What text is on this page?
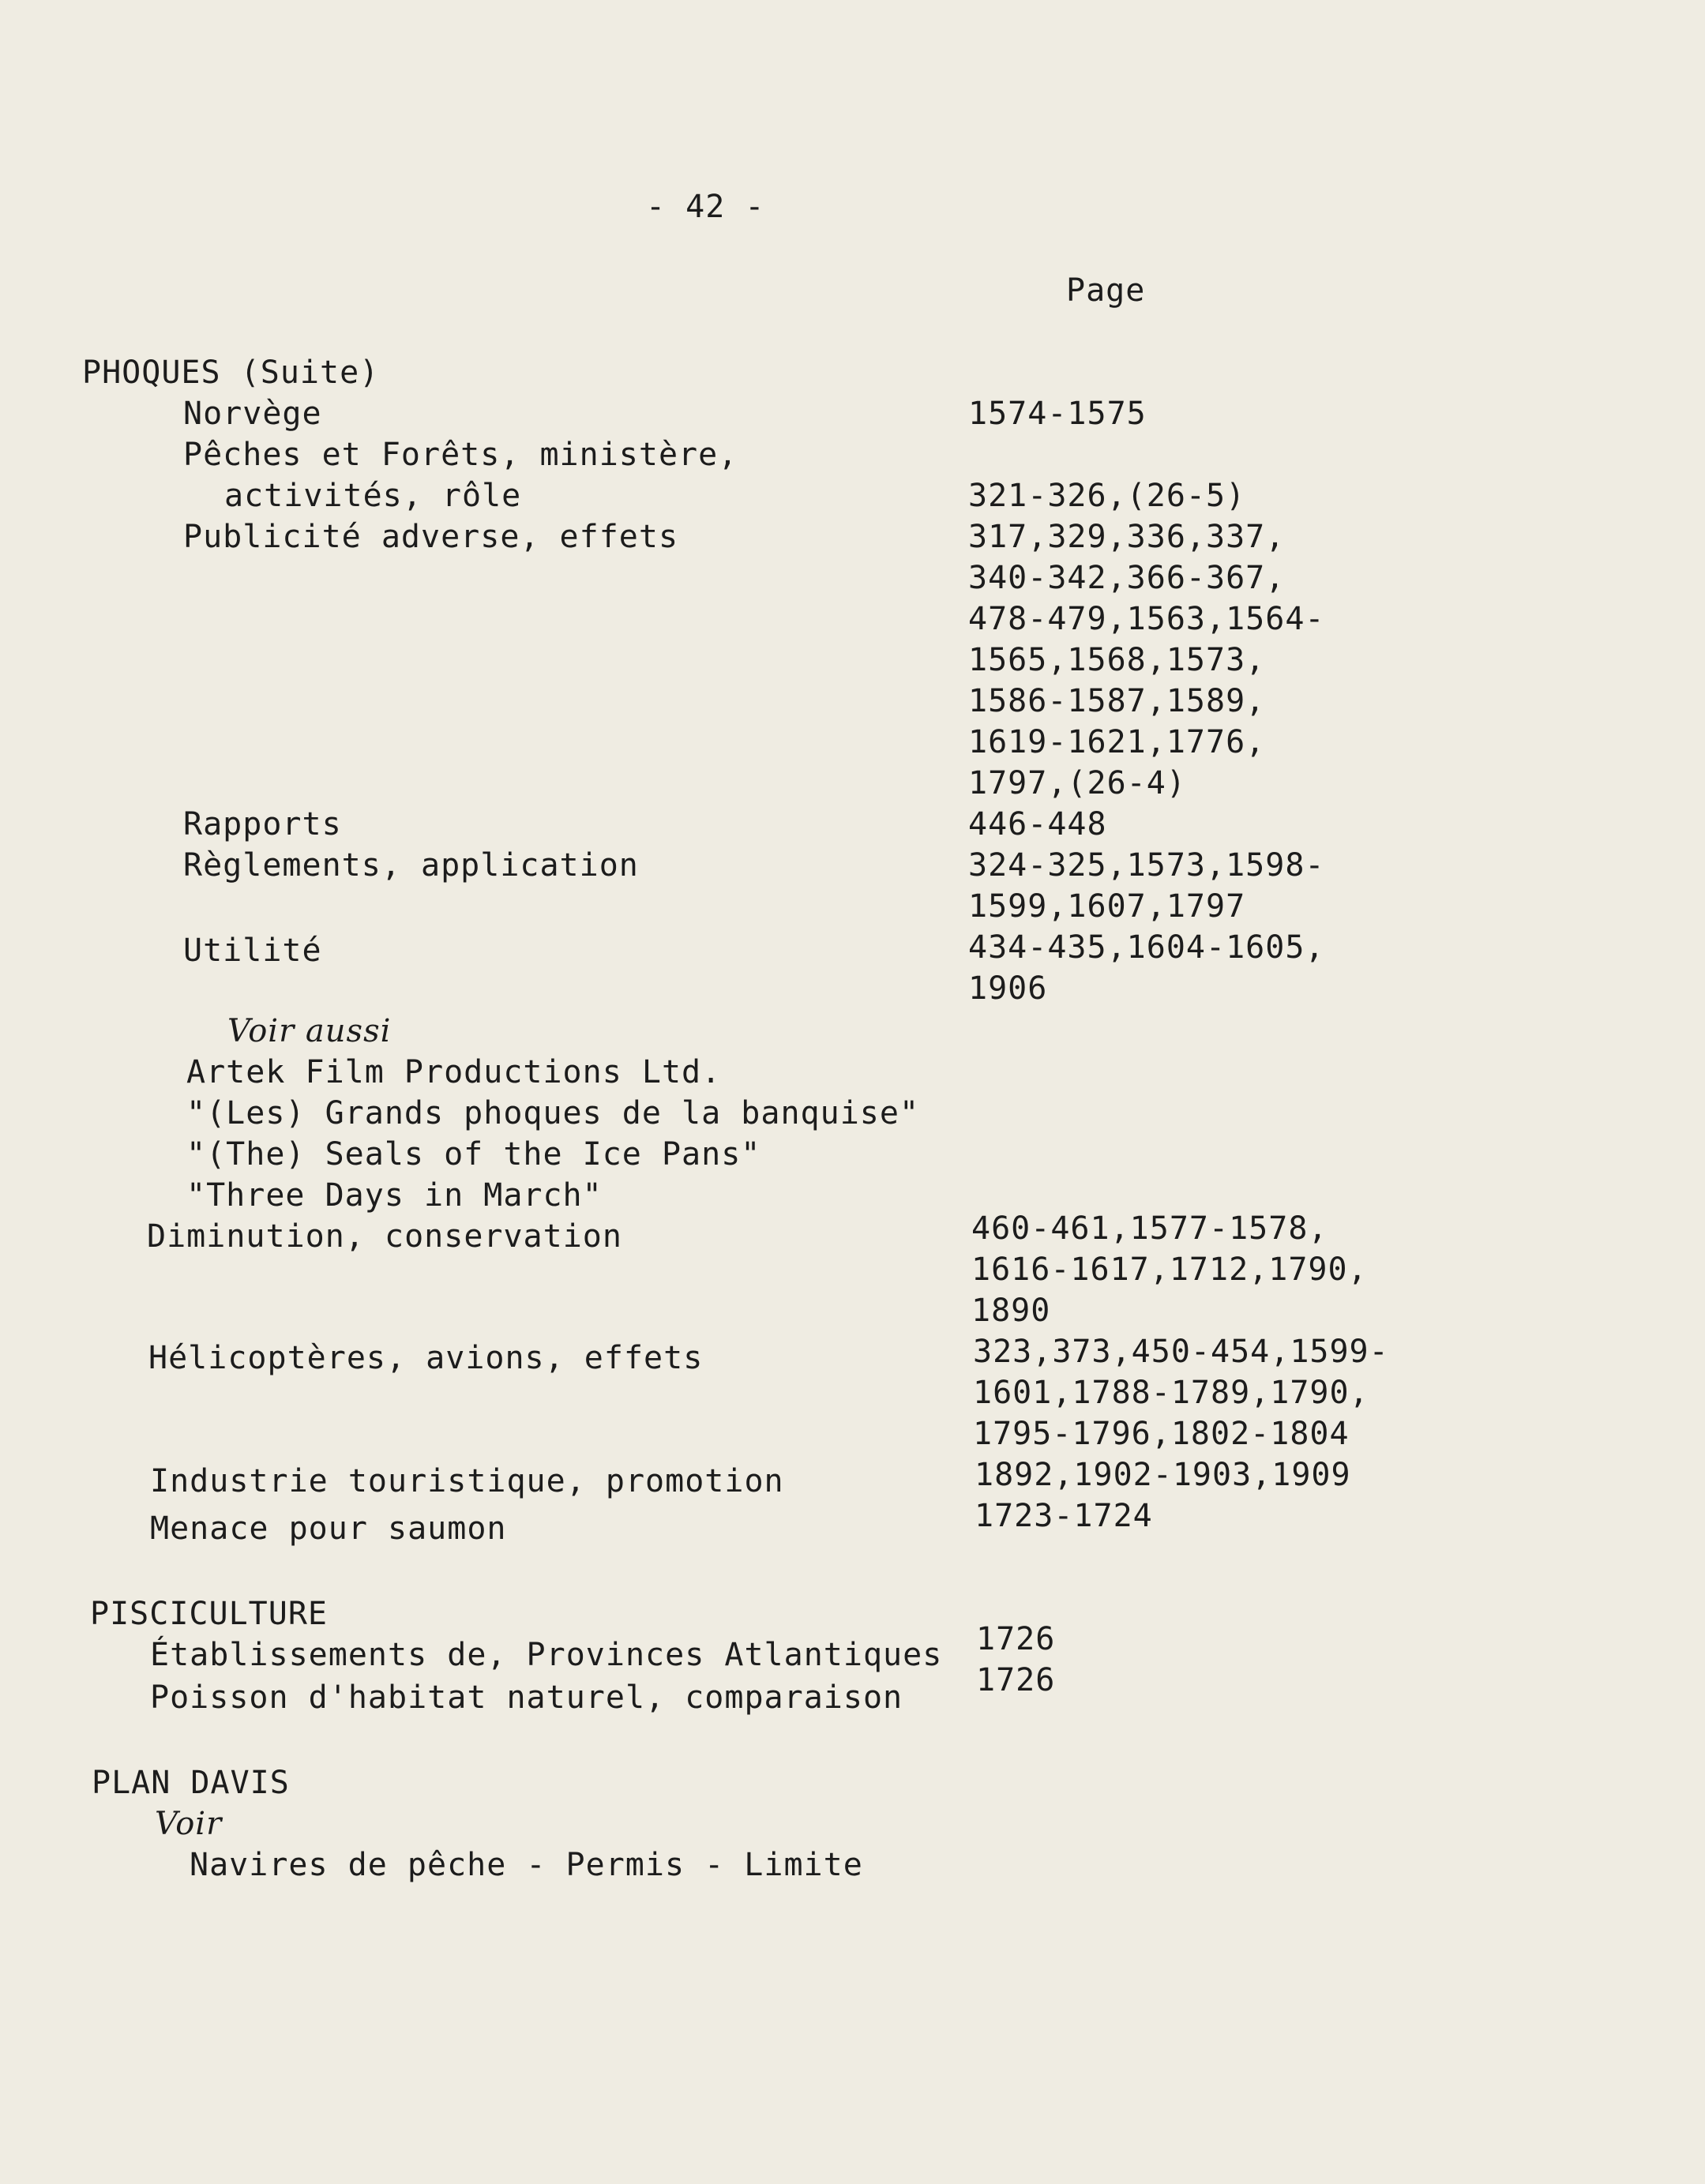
- 42 -
Page
PHOQUES (Suite)
Norvège	1574-1575
Pêches et Forêts, ministère,
activités, rôle	321-326,(26-5)
Publicité adverse, effets	317,329,336,337,
340-342,366-367,
478-479,1563,1564-
1565,1568,1573,
1586-1587,1589,
1619-1621,1776,
1797,(26-4)
Rapports	446-448
Règlements, application	324-325,1573,1598-
1599,1607,1797
Utilité	434-435,1604-1605,
1906
Voir aussi
Artek Film Productions Ltd.
"(Les) Grands phoques de la banquise"
"(The) Seals of the Ice Pans"
"Three Days in March"
Diminution, conservation	460-461,1577-1578,
1616-1617,1712,1790,
1890
Hélicoptères, avions, effets	323,373,450-454,1599-
1601,1788-1789,1790,
1795-1796,1802-1804
Industrie touristique, promotion	1892,1902-1903,1909
Menace pour saumon	1723-1724
PISCICULTURE
Établissements de, Provinces Atlantiques 1726
Poisson d'habitat naturel, comparaison 1726
PLAN DAVIS
Voir
Navires de pêche - Permis - Limite
